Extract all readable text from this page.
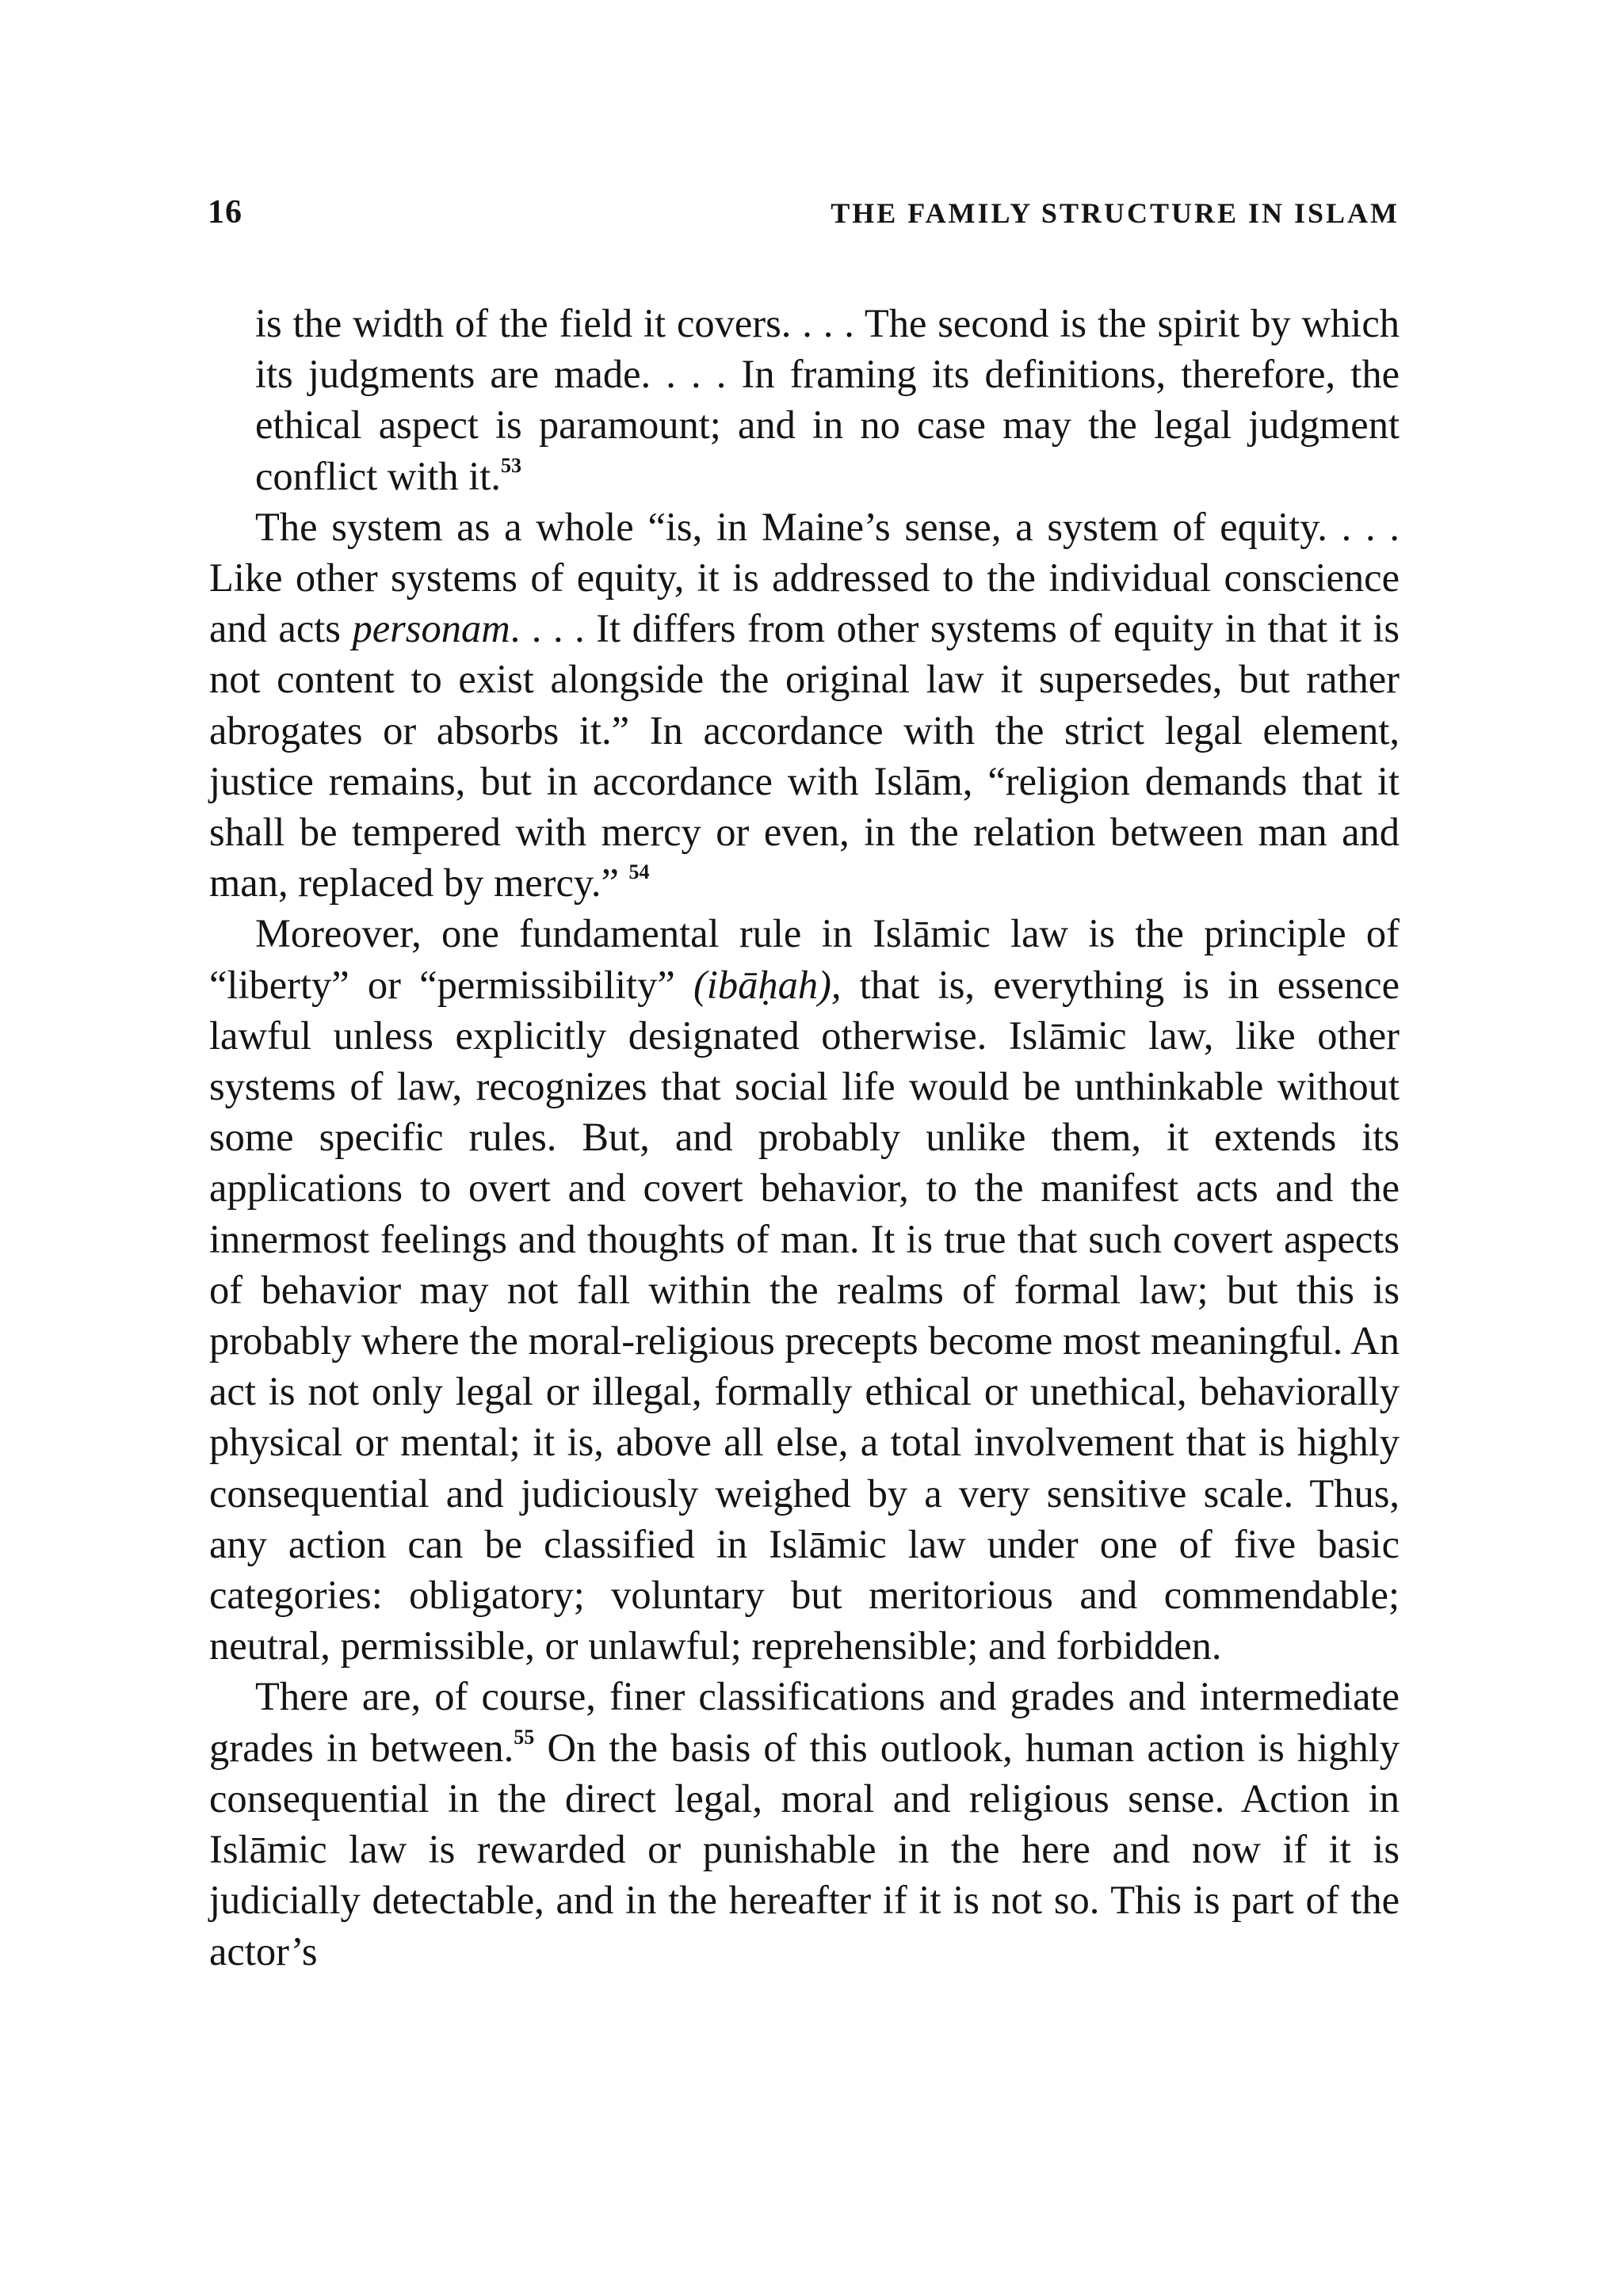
16	THE FAMILY STRUCTURE IN ISLAM

is the width of the field it covers. . . . The second is the spirit by which its judgments are made. . . . In framing its definitions, therefore, the ethical aspect is paramount; and in no case may the legal judgment conflict with it.$^{53}$

The system as a whole “is, in Maine’s sense, a system of equity. . . . Like other systems of equity, it is addressed to the individual conscience and acts personam. . . . It differs from other systems of equity in that it is not content to exist alongside the original law it supersedes, but rather abrogates or absorbs it.” In accordance with the strict legal element, justice remains, but in accordance with Islām, “religion demands that it shall be tempered with mercy or even, in the relation between man and man, replaced by mercy.” $^{54}$

Moreover, one fundamental rule in Islāmic law is the principle of “liberty” or “permissibility” (ibāḥah), that is, everything is in essence lawful unless explicitly designated otherwise. Islāmic law, like other systems of law, recognizes that social life would be unthinkable without some specific rules. But, and probably unlike them, it extends its applications to overt and covert behavior, to the manifest acts and the innermost feelings and thoughts of man. It is true that such covert aspects of behavior may not fall within the realms of formal law; but this is probably where the moral-religious precepts become most meaningful. An act is not only legal or illegal, formally ethical or unethical, behaviorally physical or mental; it is, above all else, a total involvement that is highly consequential and judiciously weighed by a very sensitive scale. Thus, any action can be classified in Islāmic law under one of five basic categories: obligatory; voluntary but meritorious and commendable; neutral, permissible, or unlawful; reprehensible; and forbidden.

There are, of course, finer classifications and grades and intermediate grades in between.$^{55}$ On the basis of this outlook, human action is highly consequential in the direct legal, moral and religious sense. Action in Islāmic law is rewarded or punishable in the here and now if it is judicially detectable, and in the hereafter if it is not so. This is part of the actor’s
